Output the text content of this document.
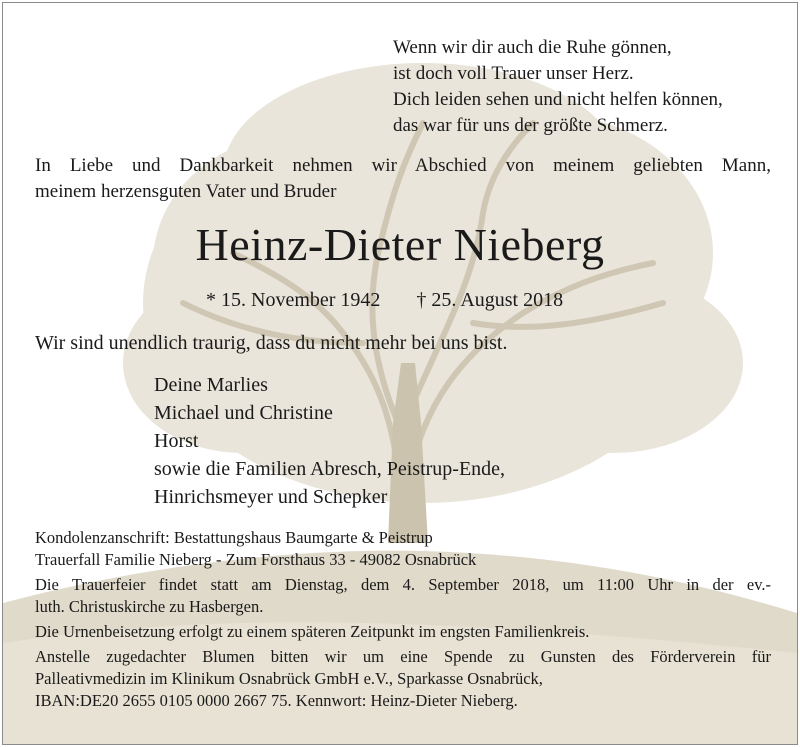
Wenn wir dir auch die Ruhe gönnen,
ist doch voll Trauer unser Herz.
Dich leiden sehen und nicht helfen können,
das war für uns der größte Schmerz.
In Liebe und Dankbarkeit nehmen wir Abschied von meinem geliebten Mann,
meinem herzensguten Vater und Bruder
Heinz-Dieter Nieberg
* 15. November 1942 † 25. August 2018
Wir sind unendlich traurig, dass du nicht mehr bei uns bist.
Deine Marlies
Michael und Christine
Horst
sowie die Familien Abresch, Peistrup-Ende,
Hinrichsmeyer und Schepker
Kondolenzanschrift: Bestattungshaus Baumgarte & Peistrup
Trauerfall Familie Nieberg - Zum Forsthaus 33 - 49082 Osnabrück
Die Trauerfeier findet statt am Dienstag, dem 4. September 2018, um 11:00 Uhr in der ev.-
luth. Christuskirche zu Hasbergen.
Die Urnenbeisetzung erfolgt zu einem späteren Zeitpunkt im engsten Familienkreis.
Anstelle zugedachter Blumen bitten wir um eine Spende zu Gunsten des Förderverein für
Palleativmedizin im Klinikum Osnabrück GmbH e.V., Sparkasse Osnabrück,
IBAN:DE20 2655 0105 0000 2667 75. Kennwort: Heinz-Dieter Nieberg.
